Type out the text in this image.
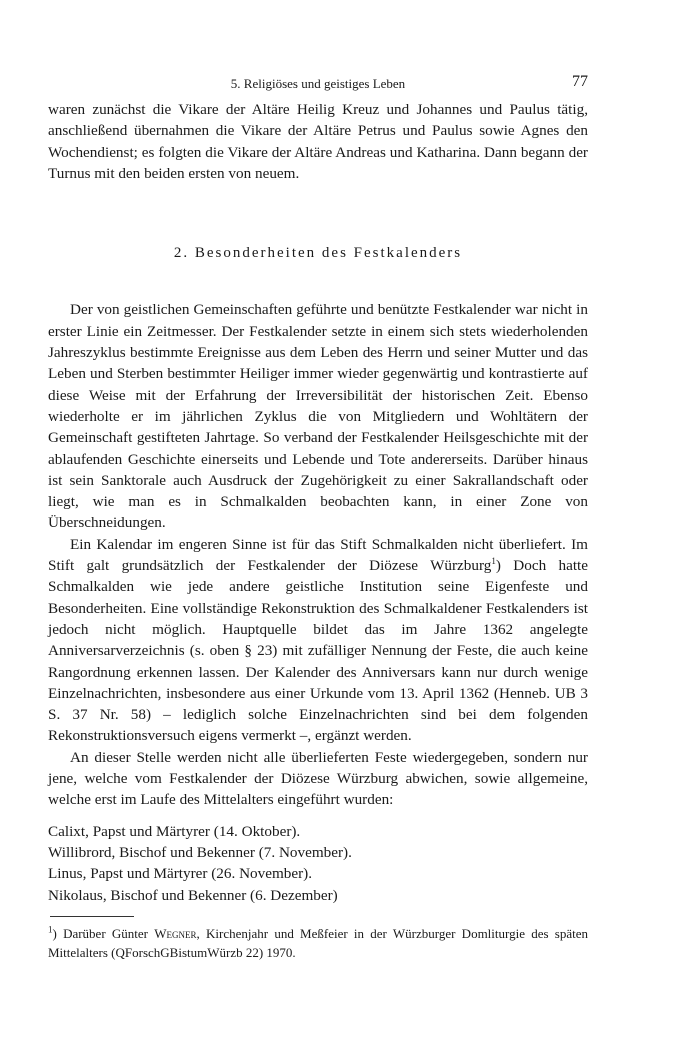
5. Religiöses und geistiges Leben	77

waren zunächst die Vikare der Altäre Heilig Kreuz und Johannes und Paulus tätig, anschließend übernahmen die Vikare der Altäre Petrus und Paulus sowie Agnes den Wochendienst; es folgten die Vikare der Altäre Andreas und Katharina. Dann begann der Turnus mit den beiden ersten von neuem.

2. Besonderheiten des Festkalenders

Der von geistlichen Gemeinschaften geführte und benützte Festkalender war nicht in erster Linie ein Zeitmesser. Der Festkalender setzte in einem sich stets wiederholenden Jahreszyklus bestimmte Ereignisse aus dem Leben des Herrn und seiner Mutter und das Leben und Sterben bestimmter Heiliger immer wieder gegenwärtig und kontrastierte auf diese Weise mit der Erfahrung der Irreversibilität der historischen Zeit. Ebenso wiederholte er im jährlichen Zyklus die von Mitgliedern und Wohltätern der Gemeinschaft gestifteten Jahrtage. So verband der Festkalender Heilsgeschichte mit der ablaufenden Geschichte einerseits und Lebende und Tote andererseits. Darüber hinaus ist sein Sanktorale auch Ausdruck der Zugehörigkeit zu einer Sakrallandschaft oder liegt, wie man es in Schmalkalden beobachten kann, in einer Zone von Überschneidungen.

Ein Kalendar im engeren Sinne ist für das Stift Schmalkalden nicht überliefert. Im Stift galt grundsätzlich der Festkalender der Diözese Würzburg$^1$) Doch hatte Schmalkalden wie jede andere geistliche Institution seine Eigenfeste und Besonderheiten. Eine vollständige Rekonstruktion des Schmalkaldener Festkalenders ist jedoch nicht möglich. Hauptquelle bildet das im Jahre 1362 angelegte Anniversarverzeichnis (s. oben § 23) mit zufälliger Nennung der Feste, die auch keine Rangordnung erkennen lassen. Der Kalender des Anniversars kann nur durch wenige Einzelnachrichten, insbesondere aus einer Urkunde vom 13. April 1362 (Henneb. UB 3 S. 37 Nr. 58) – lediglich solche Einzelnachrichten sind bei dem folgenden Rekonstruktionsversuch eigens vermerkt –, ergänzt werden.

An dieser Stelle werden nicht alle überlieferten Feste wiedergegeben, sondern nur jene, welche vom Festkalender der Diözese Würzburg abwichen, sowie allgemeine, welche erst im Laufe des Mittelalters eingeführt wurden:

Calixt, Papst und Märtyrer (14. Oktober).
Willibrord, Bischof und Bekenner (7. November).
Linus, Papst und Märtyrer (26. November).
Nikolaus, Bischof und Bekenner (6. Dezember)

$^1$) Darüber Günter Wegner, Kirchenjahr und Meßfeier in der Würzburger Domliturgie des späten Mittelalters (QForschGBistumWürzb 22) 1970.
